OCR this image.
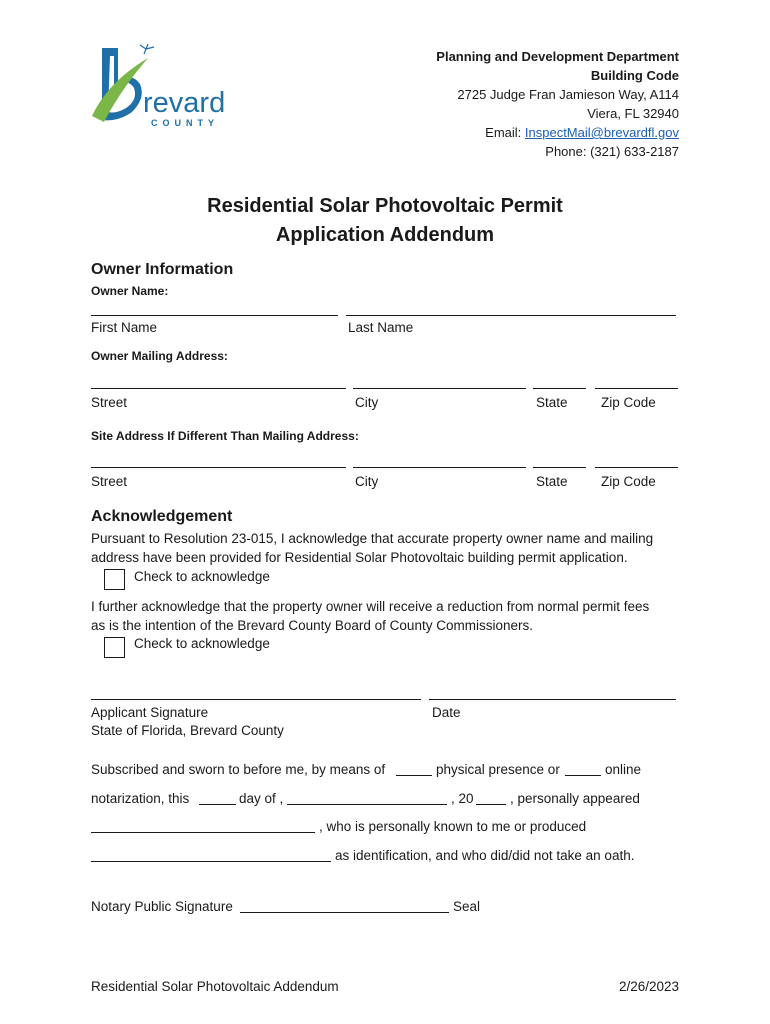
revard
COUNTY
Planning and Development Department
Building Code
2725 Judge Fran Jamieson Way, A114
Viera, FL 32940
Email: InspectMail@brevardfl.gov
Phone: (321) 633-2187
Residential Solar Photovoltaic Permit
Application Addendum
Owner Information
Owner Name:
First Name	Last Name
Owner Mailing Address:
Street	City	State Zip Code
Site Address If Different Than Mailing Address:
Street	City	State Zip Code
Acknowledgement
Pursuant to Resolution 23-015, I acknowledge that accurate property owner name and mailing
address have been provided for Residential Solar Photovoltaic building permit application.
Check to acknowledge
I further acknowledge that the property owner will receive a reduction from normal permit fees
as is the intention of the Brevard County Board of County Commissioners.
Check to acknowledge
Applicant Signature	Date
State of Florida, Brevard County
Subscribed and sworn to before me, by means of	physical presence or	online
notarization, this	day of ,	, 20	, personally appeared
, who is personally known to me or produced
as identification, and who did/did not take an oath.
Notary Public Signature	Seal
Residential Solar Photovoltaic Addendum	2/26/2023
